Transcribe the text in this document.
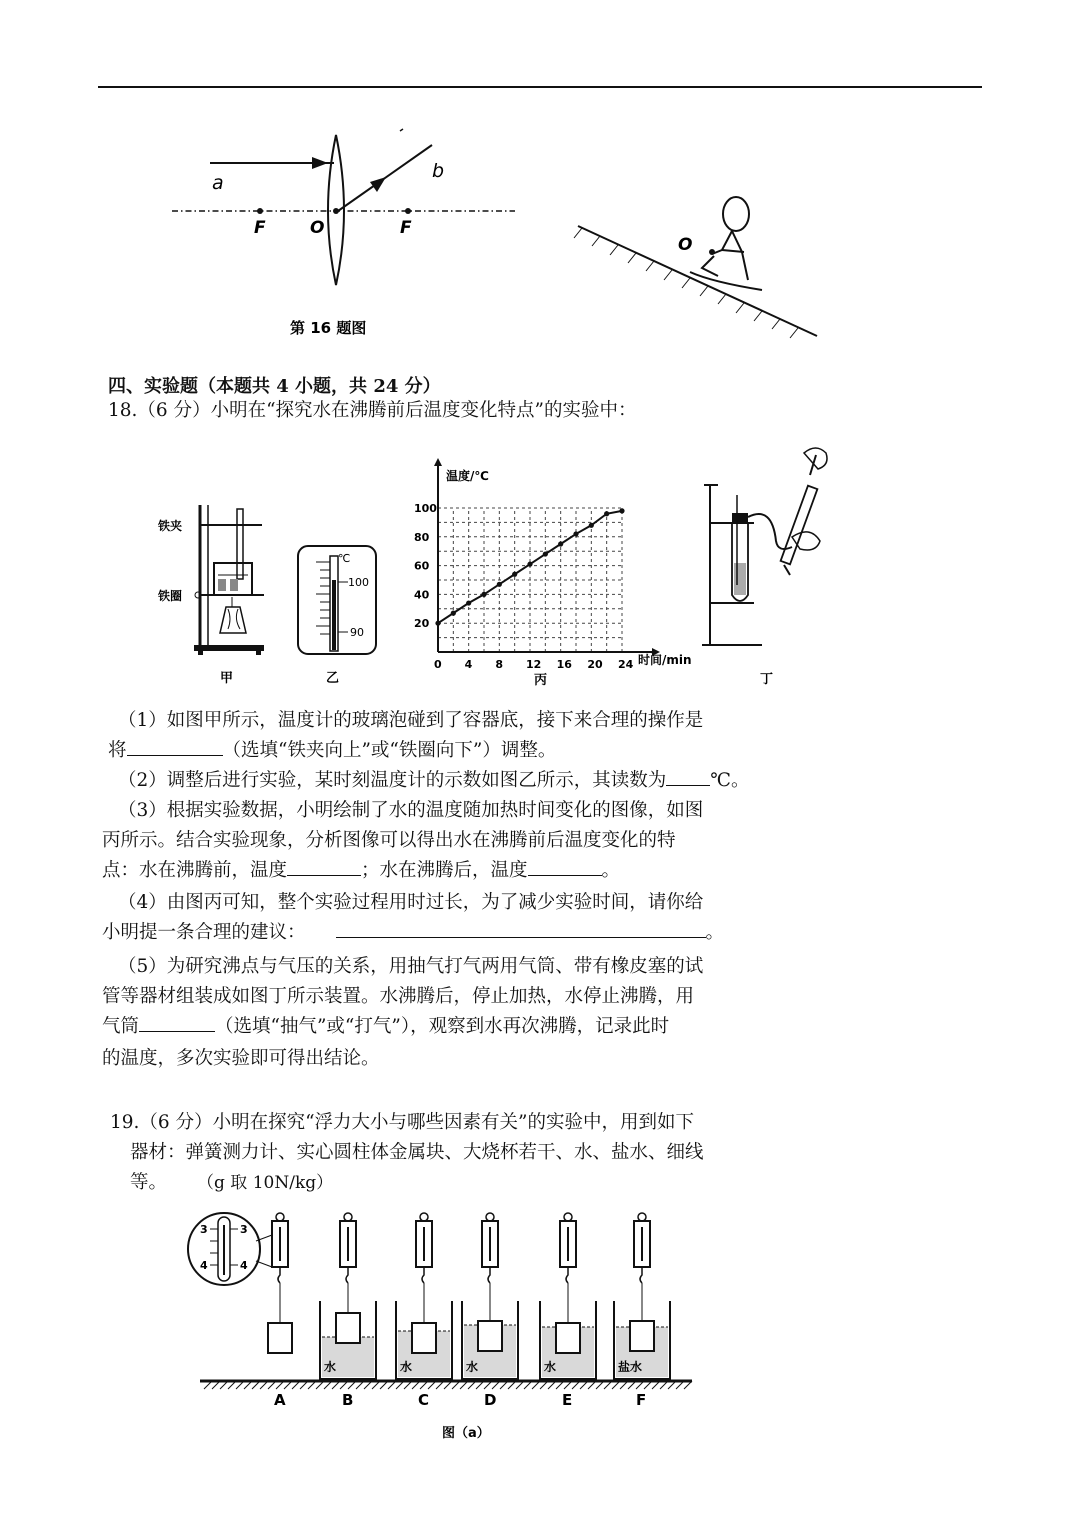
a
b
F	O	F
第 16 题图
O
四、实验题（本题共 4 小题，共 24 分）
18.（6 分）小明在“探究水在沸腾前后温度变化特点”的实验中：
铁夹
铁圈
甲
℃
100
90
乙
温度/℃
时间/min
丙
0 4 8 12 16 20 24
20
40
60
80
100
丁
（1）如图甲所示，温度计的玻璃泡碰到了容器底，接下来合理的操作是
将	（选填“铁夹向上”或“铁圈向下”）调整。
（2）调整后进行实验，某时刻温度计的示数如图乙所示，其读数为 ℃。
（3）根据实验数据，小明绘制了水的温度随加热时间变化的图像，如图
丙所示。结合实验现象，分析图像可以得出水在沸腾前后温度变化的特
点：水在沸腾前，温度	；水在沸腾后，温度	。
（4）由图丙可知，整个实验过程用时过长，为了减少实验时间，请你给
小明提一条合理的建议：	。
（5）为研究沸点与气压的关系，用抽气打气两用气筒、带有橡皮塞的试
管等器材组装成如图丁所示装置。水沸腾后，停止加热，水停止沸腾，用
气筒	（选填“抽气”或“打气”），观察到水再次沸腾，记录此时
的温度，多次实验即可得出结论。
19.（6 分）小明在探究“浮力大小与哪些因素有关”的实验中，用到如下
器材：弹簧测力计、实心圆柱体金属块、大烧杯若干、水、盐水、细线
等。 （g 取 10N/kg）
3
4
3
4
A
水
B
水
C
水
D
水
E
盐水
F
图（a）
